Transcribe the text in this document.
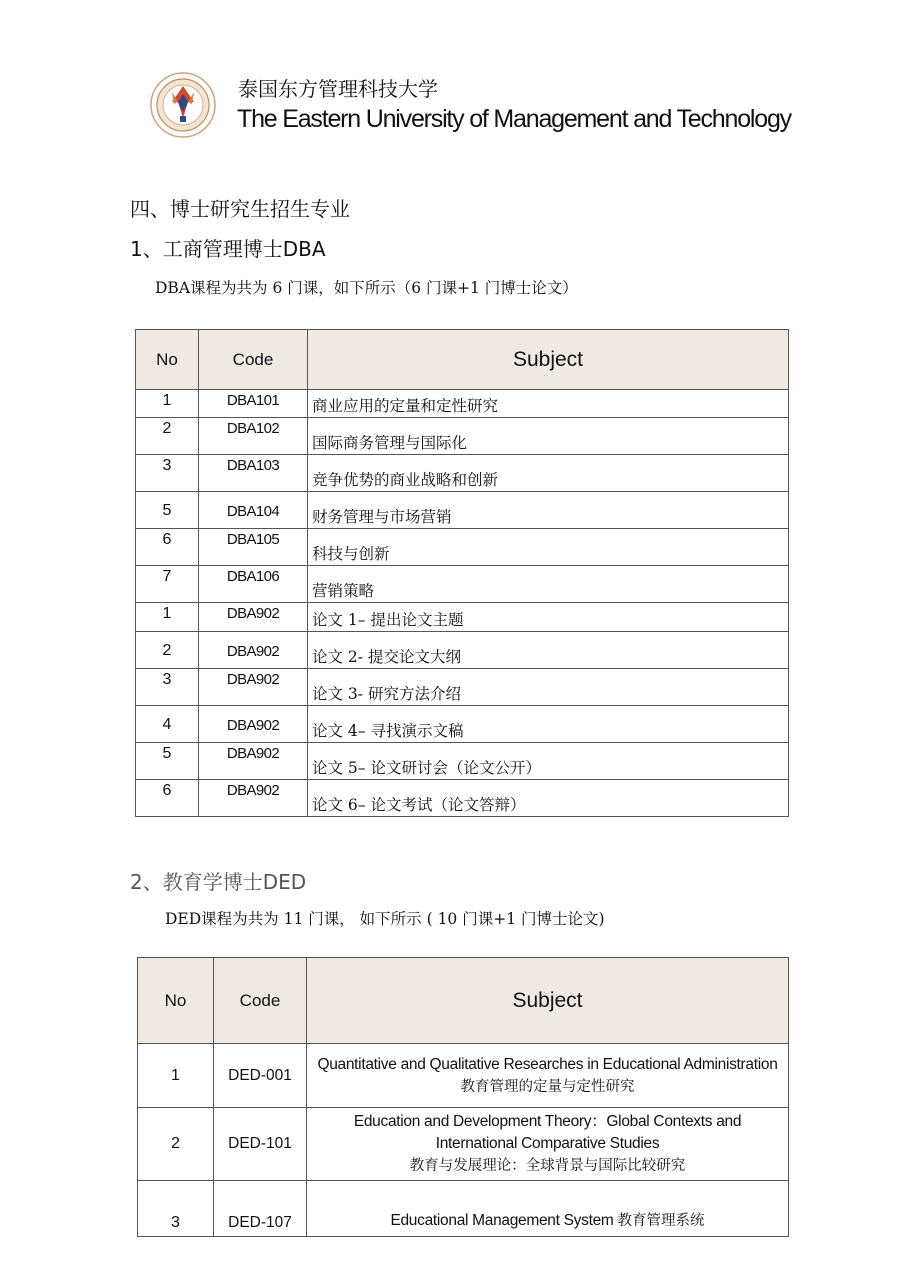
泰国东方管理科技大学
The Eastern University of Management and Technology
四、博士研究生招生专业
1、工商管理博士DBA
DBA课程为共为 6 门课，如下所示（6 门课+1 门博士论文）
No	Code	Subject
1	DBA101	商业应用的定量和定性研究
2	DBA102	国际商务管理与国际化
3	DBA103	竞争优势的商业战略和创新
5	DBA104	财务管理与市场营销
6	DBA105	科技与创新
7	DBA106	营销策略
1	DBA902	论文 1– 提出论文主题
2	DBA902	论文 2- 提交论文大纲
3	DBA902	论文 3- 研究方法介绍
4	DBA902	论文 4– 寻找演示文稿
5	DBA902	论文 5– 论文研讨会（论文公开）
6	DBA902	论文 6– 论文考试（论文答辩）
2、教育学博士DED
DED课程为共为 11 门课， 如下所示 ( 10 门课+1 门博士论文)
No	Code	Subject
1	DED-001	Quantitative and Qualitative Researches in Educational Administration
教育管理的定量与定性研究

2	DED-101	Education and Development Theory：Global Contexts and International Comparative Studies
教育与发展理论：全球背景与国际比较研究

3	DED-107	Educational Management System 教育管理系统
